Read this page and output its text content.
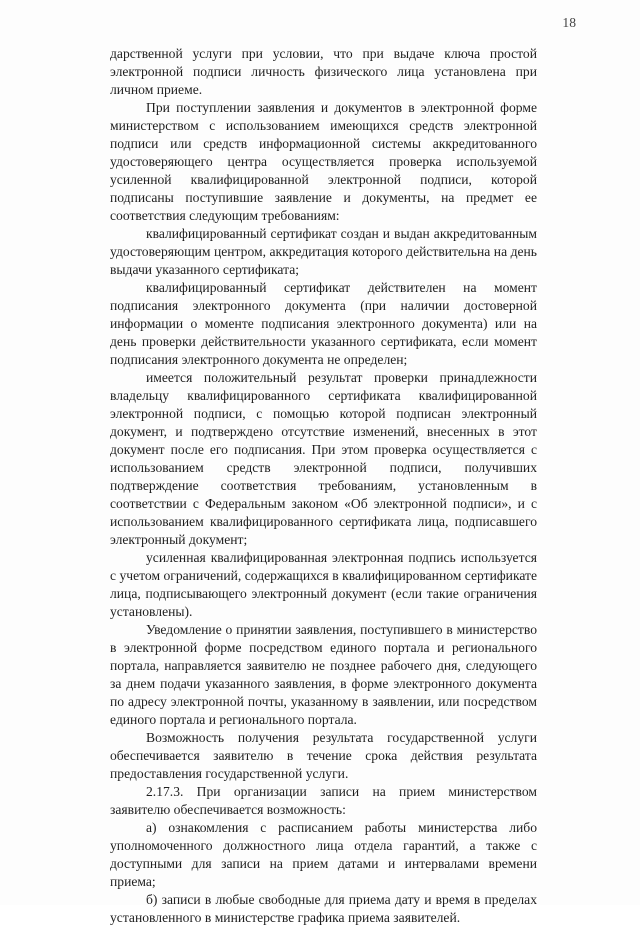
18

дарственной услуги при условии, что при выдаче ключа простой электронной подписи личность физического лица установлена при личном приеме.

При поступлении заявления и документов в электронной форме министерством с использованием имеющихся средств электронной подписи или средств информационной системы аккредитованного удостоверяющего центра осуществляется проверка используемой усиленной квалифицированной электронной подписи, которой подписаны поступившие заявление и документы, на предмет ее соответствия следующим требованиям:

квалифицированный сертификат создан и выдан аккредитованным удостоверяющим центром, аккредитация которого действительна на день выдачи указанного сертификата;

квалифицированный сертификат действителен на момент подписания электронного документа (при наличии достоверной информации о моменте подписания электронного документа) или на день проверки действительности указанного сертификата, если момент подписания электронного документа не определен;

имеется положительный результат проверки принадлежности владельцу квалифицированного сертификата квалифицированной электронной подписи, с помощью которой подписан электронный документ, и подтверждено отсутствие изменений, внесенных в этот документ после его подписания. При этом проверка осуществляется с использованием средств электронной подписи, получивших подтверждение соответствия требованиям, установленным в соответствии с Федеральным законом «Об электронной подписи», и с использованием квалифицированного сертификата лица, подписавшего электронный документ;

усиленная квалифицированная электронная подпись используется с учетом ограничений, содержащихся в квалифицированном сертификате лица, подписывающего электронный документ (если такие ограничения установлены).

Уведомление о принятии заявления, поступившего в министерство в электронной форме посредством единого портала и регионального портала, направляется заявителю не позднее рабочего дня, следующего за днем подачи указанного заявления, в форме электронного документа по адресу электронной почты, указанному в заявлении, или посредством единого портала и регионального портала.

Возможность получения результата государственной услуги обеспечивается заявителю в течение срока действия результата предоставления государственной услуги.

2.17.3. При организации записи на прием министерством заявителю обеспечивается возможность:

а) ознакомления с расписанием работы министерства либо уполномоченного должностного лица отдела гарантий, а также с доступными для записи на прием датами и интервалами времени приема;

б) записи в любые свободные для приема дату и время в пределах установленного в министерстве графика приема заявителей.
